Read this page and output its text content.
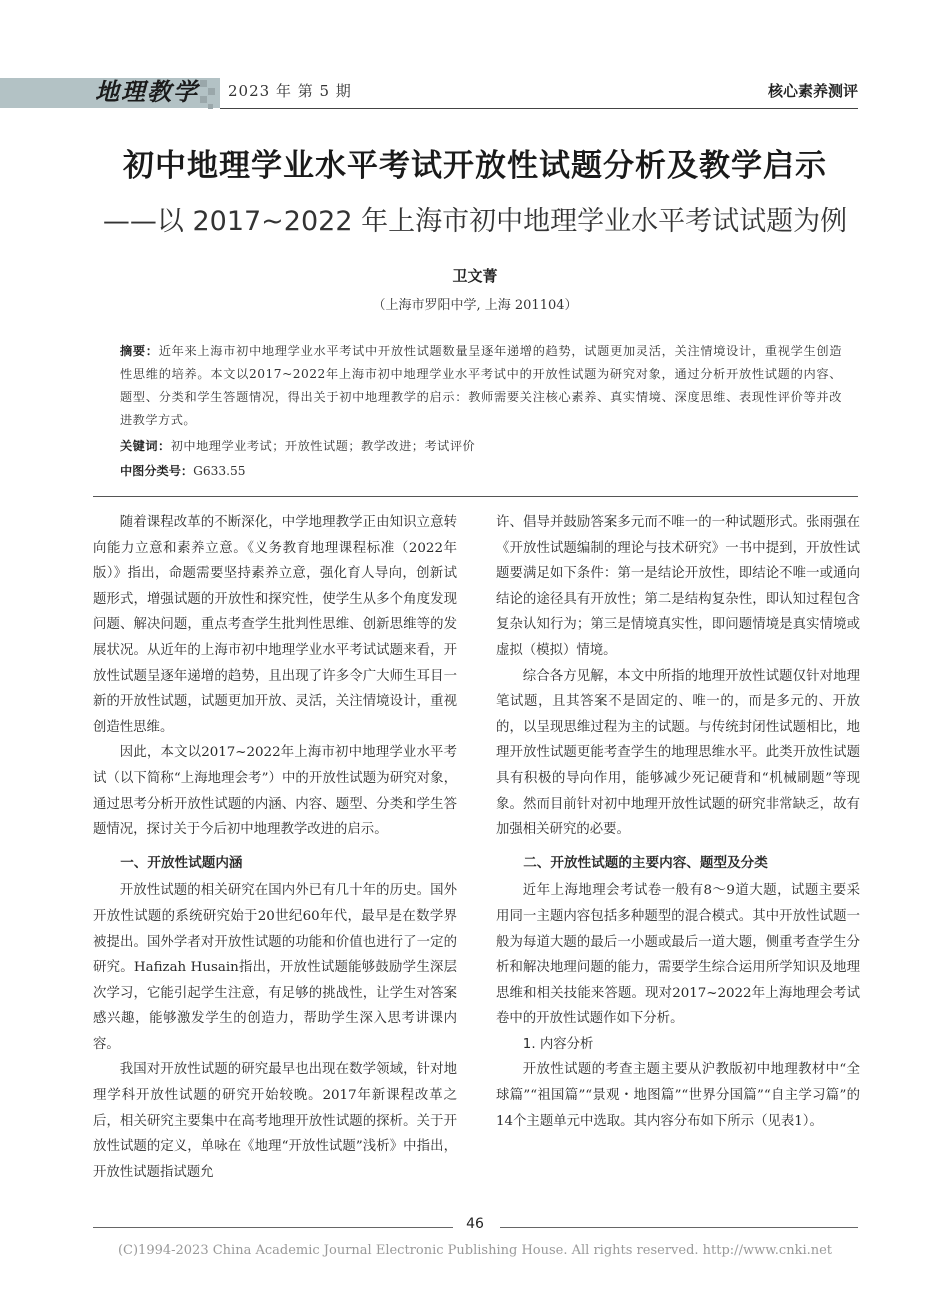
地理教学 2023 年 第 5 期	核心素养测评
初中地理学业水平考试开放性试题分析及教学启示
——以 2017~2022 年上海市初中地理学业水平考试试题为例
卫文菁
（上海市罗阳中学, 上海 201104）
摘要：近年来上海市初中地理学业水平考试中开放性试题数量呈逐年递增的趋势，试题更加灵活，关注情境设计，重视学生创造性思维的培养。本文以2017~2022年上海市初中地理学业水平考试中的开放性试题为研究对象，通过分析开放性试题的内容、题型、分类和学生答题情况，得出关于初中地理教学的启示：教师需要关注核心素养、真实情境、深度思维、表现性评价等并改进教学方式。
关键词：初中地理学业考试；开放性试题；教学改进；考试评价
中图分类号：G633.55

随着课程改革的不断深化，中学地理教学正由知识立意转向能力立意和素养立意。《义务教育地理课程标准（2022年版）》指出，命题需要坚持素养立意，强化育人导向，创新试题形式，增强试题的开放性和探究性，使学生从多个角度发现问题、解决问题，重点考查学生批判性思维、创新思维等的发展状况。从近年的上海市初中地理学业水平考试试题来看，开放性试题呈逐年递增的趋势，且出现了许多令广大师生耳目一新的开放性试题，试题更加开放、灵活，关注情境设计，重视创造性思维。

因此，本文以2017~2022年上海市初中地理学业水平考试（以下简称“上海地理会考”）中的开放性试题为研究对象，通过思考分析开放性试题的内涵、内容、题型、分类和学生答题情况，探讨关于今后初中地理教学改进的启示。

一、开放性试题内涵

开放性试题的相关研究在国内外已有几十年的历史。国外开放性试题的系统研究始于20世纪60年代，最早是在数学界被提出。国外学者对开放性试题的功能和价值也进行了一定的研究。Hafizah Husain指出，开放性试题能够鼓励学生深层次学习，它能引起学生注意，有足够的挑战性，让学生对答案感兴趣，能够激发学生的创造力，帮助学生深入思考讲课内容。

我国对开放性试题的研究最早也出现在数学领域，针对地理学科开放性试题的研究开始较晚。2017年新课程改革之后，相关研究主要集中在高考地理开放性试题的探析。关于开放性试题的定义，单咏在《地理“开放性试题”浅析》中指出，开放性试题指试题允

许、倡导并鼓励答案多元而不唯一的一种试题形式。张雨强在《开放性试题编制的理论与技术研究》一书中提到，开放性试题要满足如下条件：第一是结论开放性，即结论不唯一或通向结论的途径具有开放性；第二是结构复杂性，即认知过程包含复杂认知行为；第三是情境真实性，即问题情境是真实情境或虚拟（模拟）情境。

综合各方见解，本文中所指的地理开放性试题仅针对地理笔试题，且其答案不是固定的、唯一的，而是多元的、开放的，以呈现思维过程为主的试题。与传统封闭性试题相比，地理开放性试题更能考查学生的地理思维水平。此类开放性试题具有积极的导向作用，能够减少死记硬背和“机械刷题”等现象。然而目前针对初中地理开放性试题的研究非常缺乏，故有加强相关研究的必要。

二、开放性试题的主要内容、题型及分类

近年上海地理会考试卷一般有8～9道大题，试题主要采用同一主题内容包括多种题型的混合模式。其中开放性试题一般为每道大题的最后一小题或最后一道大题，侧重考查学生分析和解决地理问题的能力，需要学生综合运用所学知识及地理思维和相关技能来答题。现对2017~2022年上海地理会考试卷中的开放性试题作如下分析。

1. 内容分析

开放性试题的考查主题主要从沪教版初中地理教材中“全球篇”“祖国篇”“景观・地图篇”“世界分国篇”“自主学习篇”的14个主题单元中选取。其内容分布如下所示（见表1）。

46
(C)1994-2023 China Academic Journal Electronic Publishing House. All rights reserved. http://www.cnki.net
